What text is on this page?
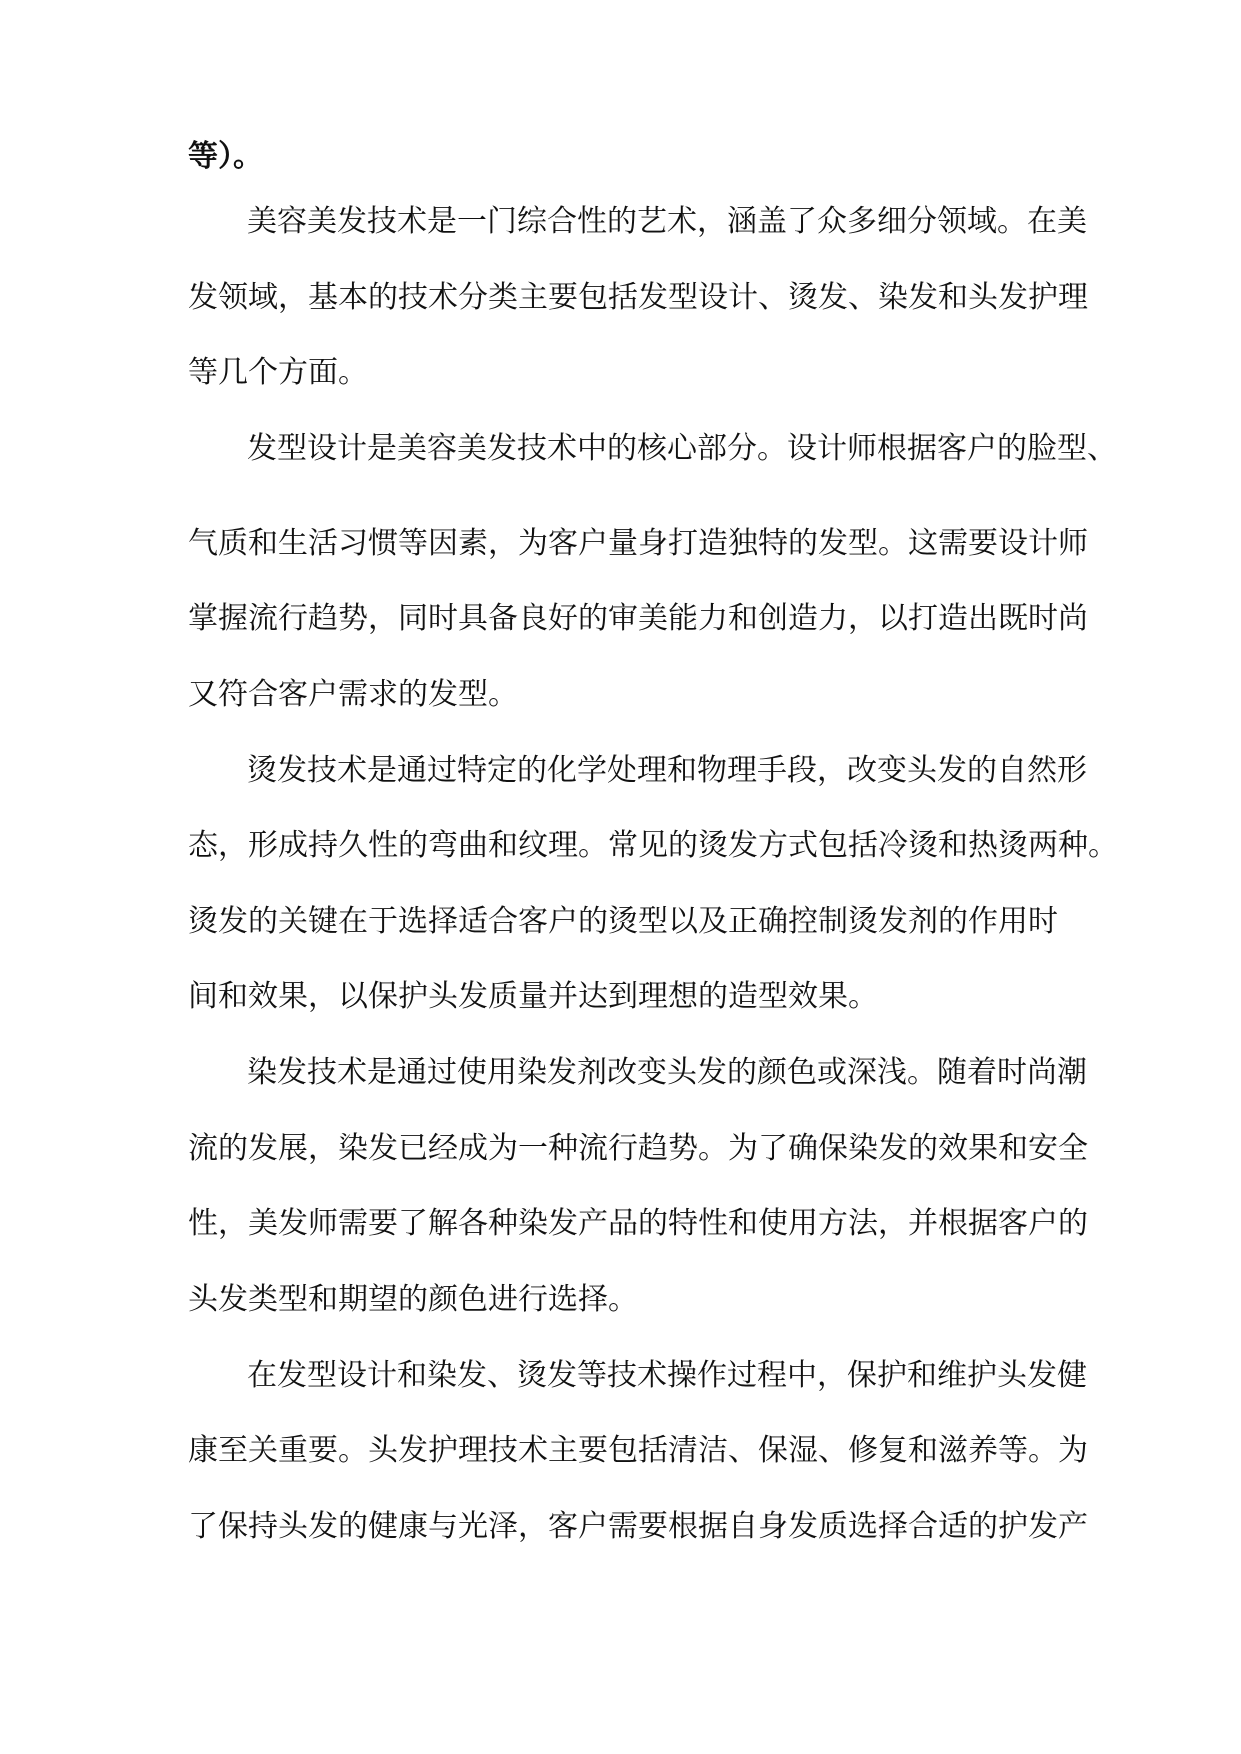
等）。
美容美发技术是一门综合性的艺术，涵盖了众多细分领域。在美
发领域，基本的技术分类主要包括发型设计、烫发、染发和头发护理
等几个方面。
发型设计是美容美发技术中的核心部分。设计师根据客户的脸型、
气质和生活习惯等因素，为客户量身打造独特的发型。这需要设计师
掌握流行趋势，同时具备良好的审美能力和创造力，以打造出既时尚
又符合客户需求的发型。
烫发技术是通过特定的化学处理和物理手段，改变头发的自然形
态，形成持久性的弯曲和纹理。常见的烫发方式包括冷烫和热烫两种。
烫发的关键在于选择适合客户的烫型以及正确控制烫发剂的作用时
间和效果，以保护头发质量并达到理想的造型效果。
染发技术是通过使用染发剂改变头发的颜色或深浅。随着时尚潮
流的发展，染发已经成为一种流行趋势。为了确保染发的效果和安全
性，美发师需要了解各种染发产品的特性和使用方法，并根据客户的
头发类型和期望的颜色进行选择。
在发型设计和染发、烫发等技术操作过程中，保护和维护头发健
康至关重要。头发护理技术主要包括清洁、保湿、修复和滋养等。为
了保持头发的健康与光泽，客户需要根据自身发质选择合适的护发产
